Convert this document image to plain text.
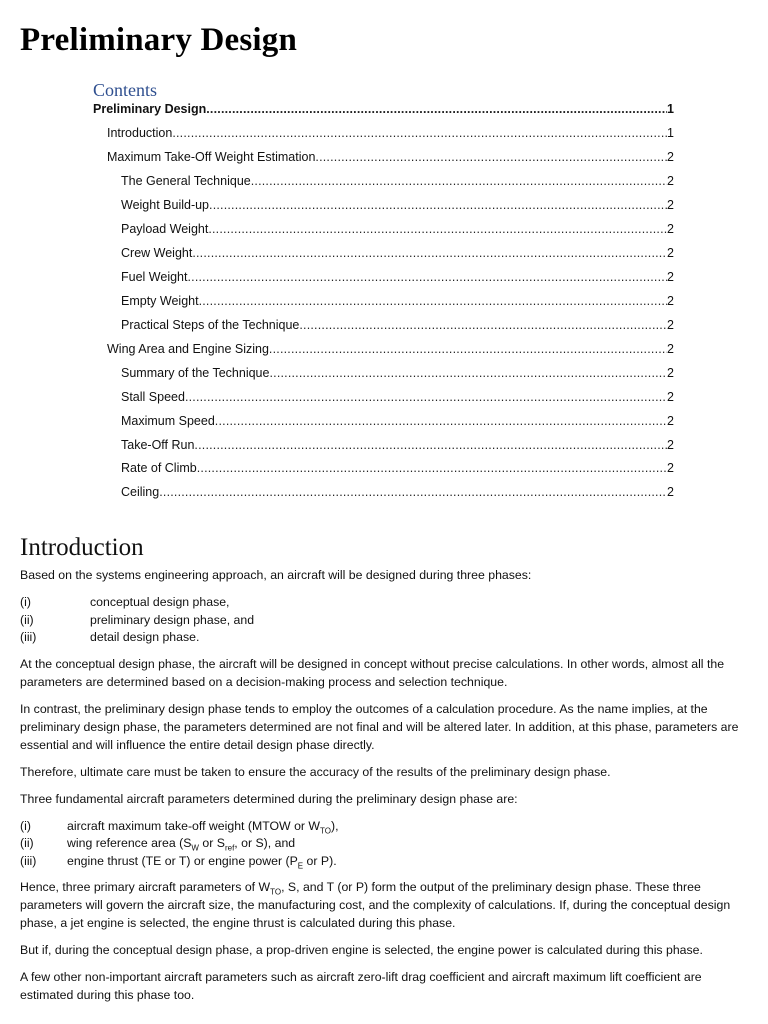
Preliminary Design
Contents
Preliminary Design .....	1
Introduction .....	1
Maximum Take-Off Weight Estimation .....	2
The General Technique .....	2
Weight Build-up .....	2
Payload Weight .....	2
Crew Weight .....	2
Fuel Weight .....	2
Empty Weight .....	2
Practical Steps of the Technique .....	2
Wing Area and Engine Sizing .....	2
Summary of the Technique .....	2
Stall Speed .....	2
Maximum Speed .....	2
Take-Off Run .....	2
Rate of Climb .....	2
Ceiling .....	2
Introduction

Based on the systems engineering approach, an aircraft will be designed during three phases:

(i)	conceptual design phase,
(ii)	preliminary design phase, and
(iii)	detail design phase.

At the conceptual design phase, the aircraft will be designed in concept without precise calculations. In other words, almost all the parameters are determined based on a decision-making process and selection technique.

In contrast, the preliminary design phase tends to employ the outcomes of a calculation procedure. As the name implies, at the preliminary design phase, the parameters determined are not final and will be altered later. In addition, at this phase, parameters are essential and will influence the entire detail design phase directly.

Therefore, ultimate care must be taken to ensure the accuracy of the results of the preliminary design phase.

Three fundamental aircraft parameters determined during the preliminary design phase are:

(i)	aircraft maximum take-off weight (MTOW or $W_{TO}$),
(ii)	wing reference area ($S_W$ or $S_{ref}$, or S), and
(iii)	engine thrust (TE or T) or engine power ($P_E$ or P).

Hence, three primary aircraft parameters of $W_{TO}$, S, and T (or P) form the output of the preliminary design phase. These three parameters will govern the aircraft size, the manufacturing cost, and the complexity of calculations. If, during the conceptual design phase, a jet engine is selected, the engine thrust is calculated during this phase.

But if, during the conceptual design phase, a prop-driven engine is selected, the engine power is calculated during this phase.

A few other non-important aircraft parameters such as aircraft zero-lift drag coefficient and aircraft maximum lift coefficient are estimated during this phase too.
